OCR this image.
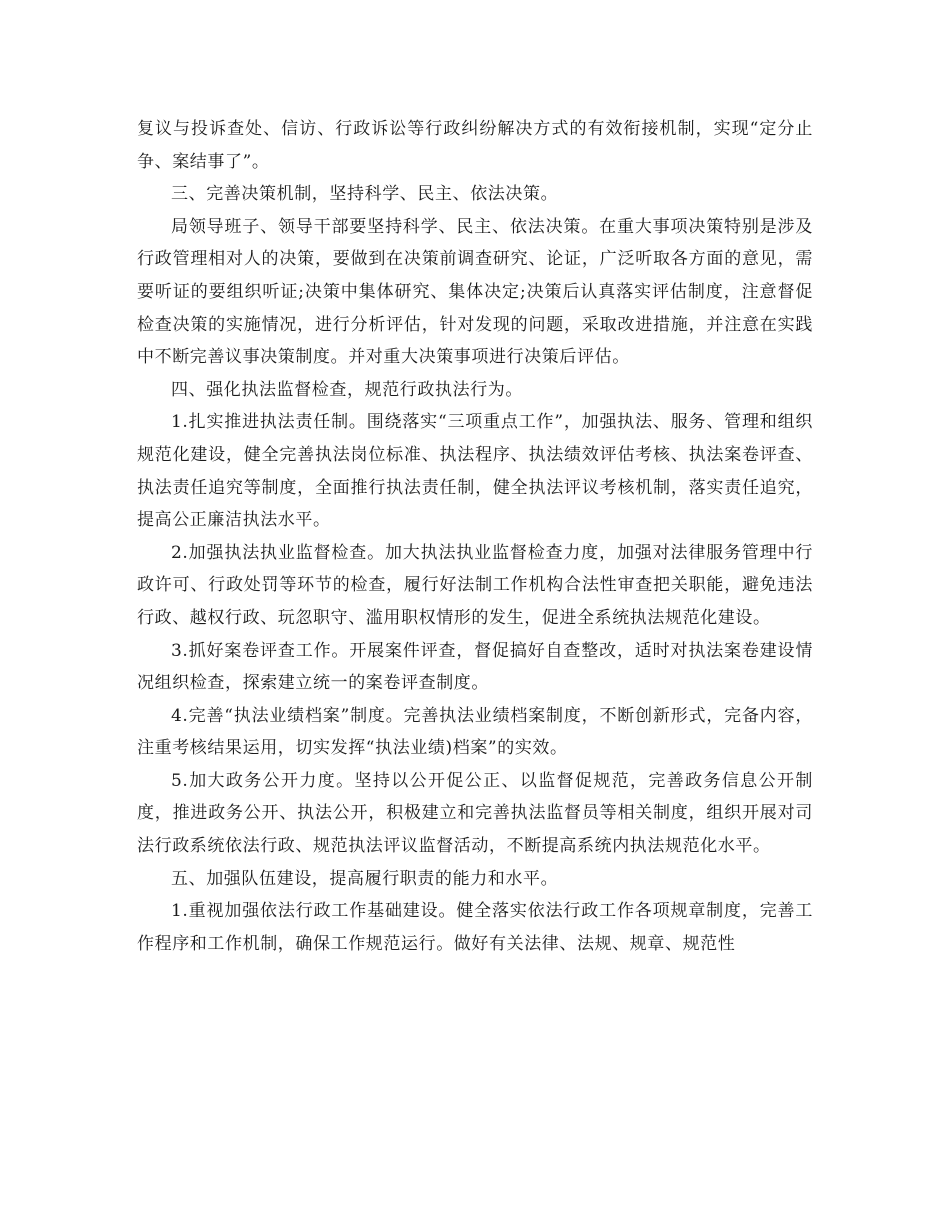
复议与投诉查处、信访、行政诉讼等行政纠纷解决方式的有效衔接机制，实现“定分止争、案结事了”。

三、完善决策机制，坚持科学、民主、依法决策。

局领导班子、领导干部要坚持科学、民主、依法决策。在重大事项决策特别是涉及行政管理相对人的决策，要做到在决策前调查研究、论证，广泛听取各方面的意见，需要听证的要组织听证;决策中集体研究、集体决定;决策后认真落实评估制度，注意督促检查决策的实施情况，进行分析评估，针对发现的问题，采取改进措施，并注意在实践中不断完善议事决策制度。并对重大决策事项进行决策后评估。

四、强化执法监督检查，规范行政执法行为。

1.扎实推进执法责任制。围绕落实“三项重点工作”，加强执法、服务、管理和组织规范化建设，健全完善执法岗位标准、执法程序、执法绩效评估考核、执法案卷评查、执法责任追究等制度，全面推行执法责任制，健全执法评议考核机制，落实责任追究，提高公正廉洁执法水平。

2.加强执法执业监督检查。加大执法执业监督检查力度，加强对法律服务管理中行政许可、行政处罚等环节的检查，履行好法制工作机构合法性审查把关职能，避免违法行政、越权行政、玩忽职守、滥用职权情形的发生，促进全系统执法规范化建设。

3.抓好案卷评查工作。开展案件评查，督促搞好自查整改，适时对执法案卷建设情况组织检查，探索建立统一的案卷评查制度。

4.完善“执法业绩档案”制度。完善执法业绩档案制度，不断创新形式，完备内容，注重考核结果运用，切实发挥“执法业绩)档案”的实效。

5.加大政务公开力度。坚持以公开促公正、以监督促规范，完善政务信息公开制度，推进政务公开、执法公开，积极建立和完善执法监督员等相关制度，组织开展对司法行政系统依法行政、规范执法评议监督活动，不断提高系统内执法规范化水平。

五、加强队伍建设，提高履行职责的能力和水平。

1.重视加强依法行政工作基础建设。健全落实依法行政工作各项规章制度，完善工作程序和工作机制，确保工作规范运行。做好有关法律、法规、规章、规范性
